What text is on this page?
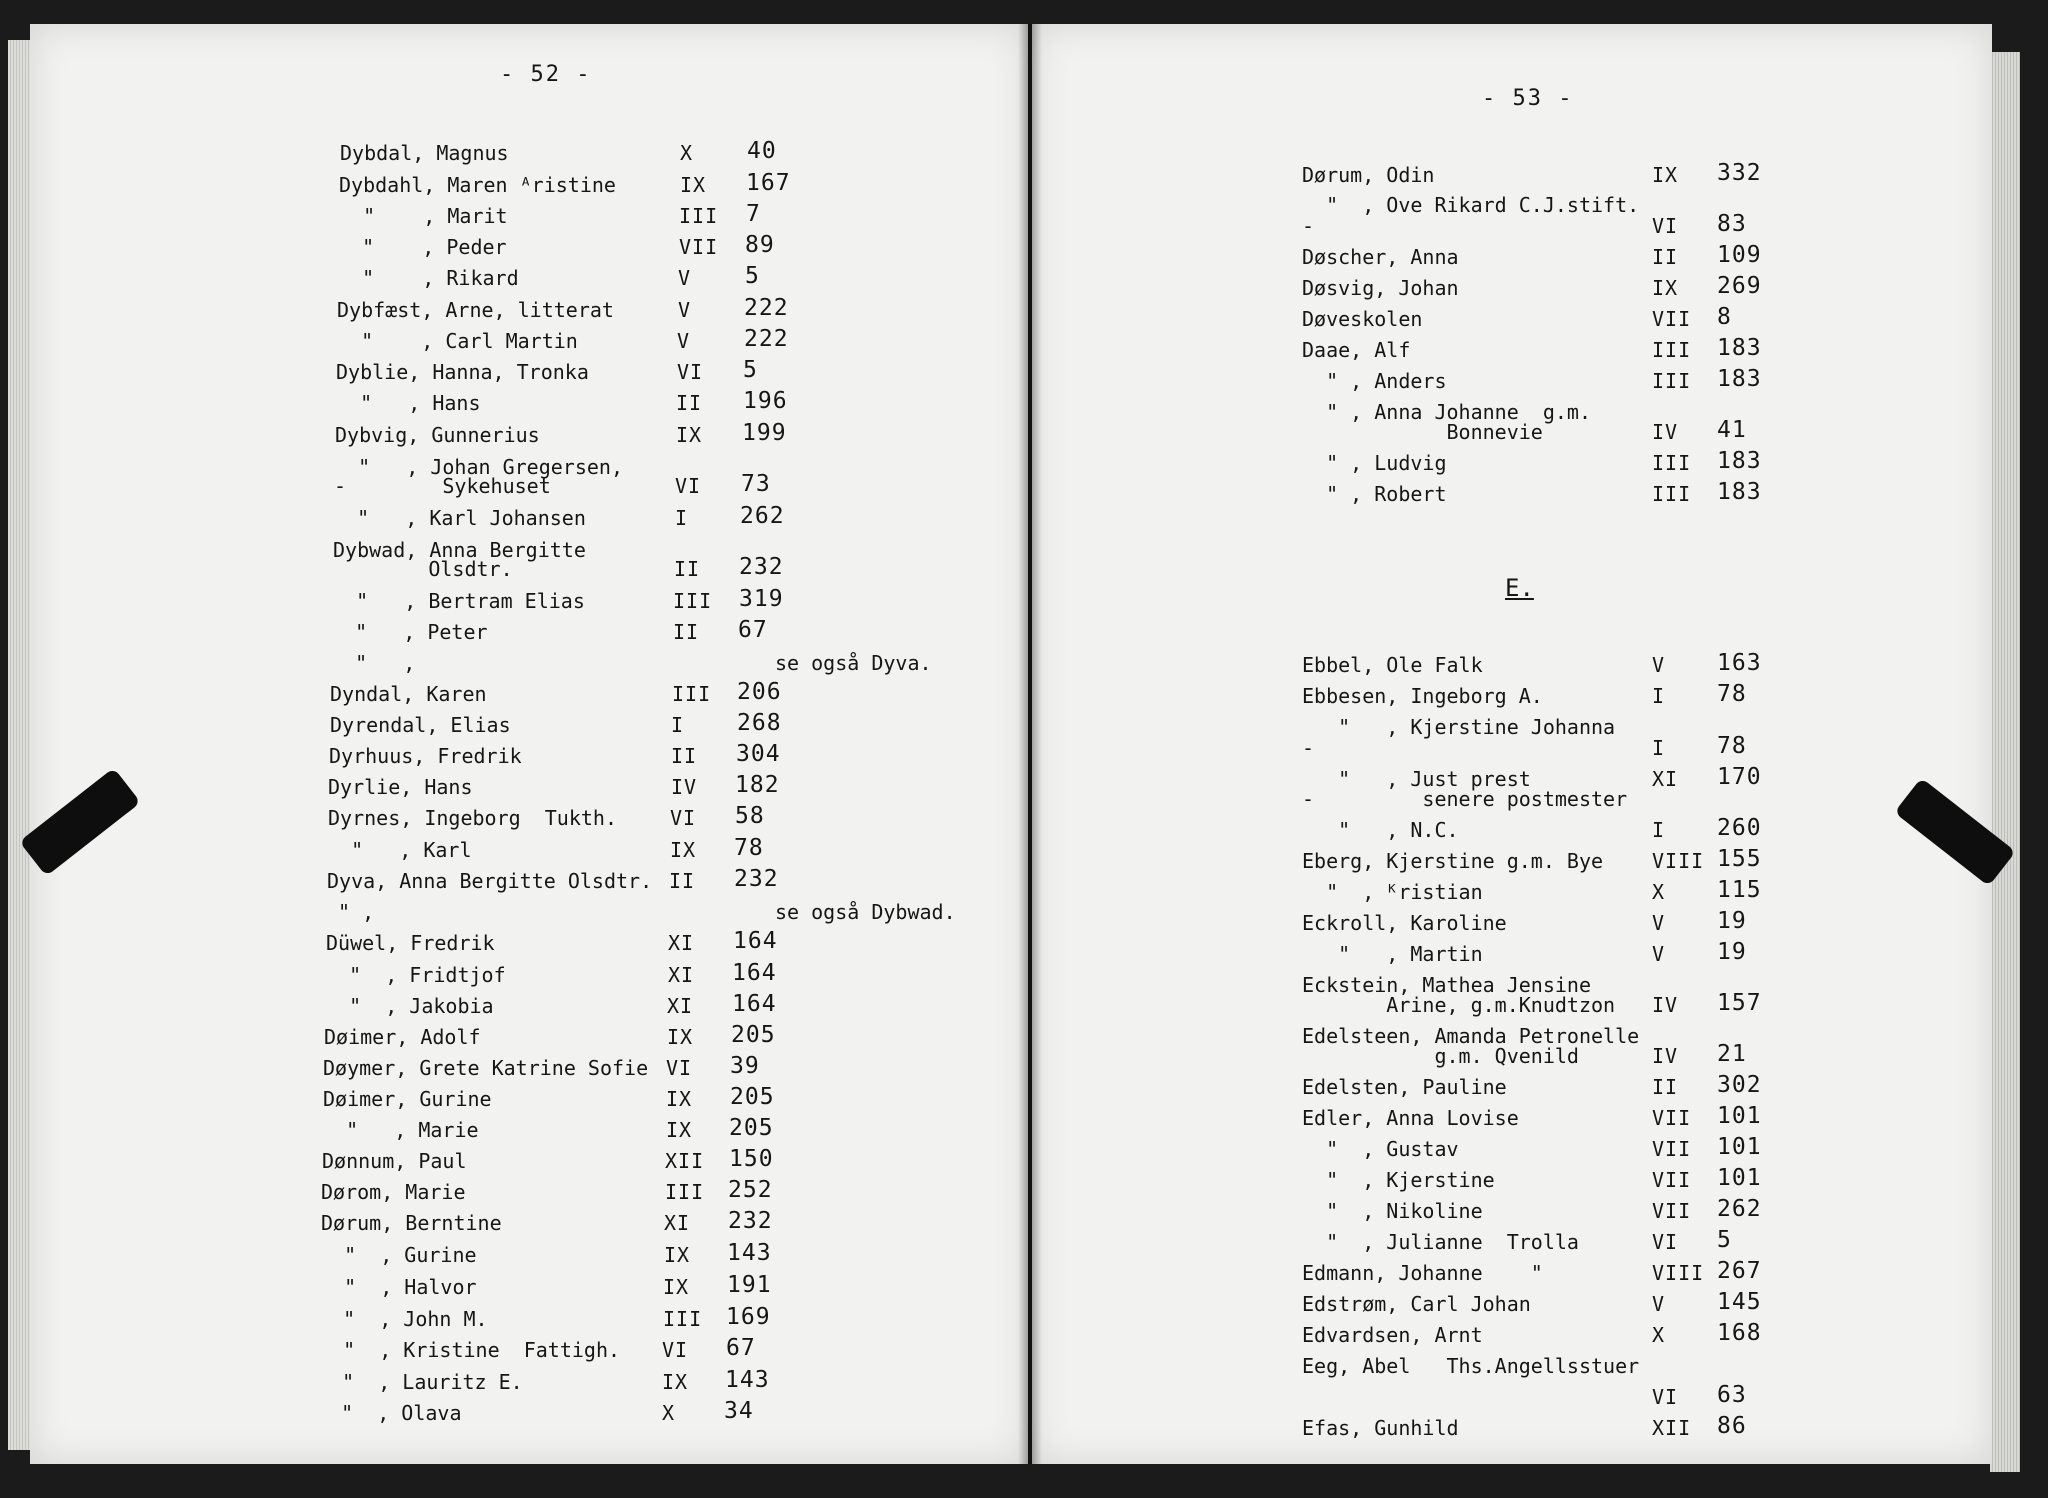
- 52 -
Dybdal, Magnus	X 40
Dybdahl, Maren ᴬristine	IX 167
"    , Marit	III 7
"    , Peder	VII 89
"    , Rikard	V 5
Dybfæst, Arne, litterat	V 222
"    , Carl Martin	V 222
Dyblie, Hanna, Tronka	VI 5
"   , Hans	II 196
Dybvig, Gunnerius	IX 199
"   , Johan Gregersen,
-        Sykehuset	VI 73
"   , Karl Johansen	I 262
Dybwad, Anna Bergitte
Olsdtr.	II 232
"   , Bertram Elias	III 319
"   , Peter	II 67
"   ,	se også Dyva.
Dyndal, Karen	III 206
Dyrendal, Elias	I 268
Dyrhuus, Fredrik	II 304
Dyrlie, Hans	IV 182
Dyrnes, Ingeborg  Tukth.	VI 58
"   , Karl	IX 78
Dyva, Anna Bergitte Olsdtr. II 232
" ,	se også Dybwad.
Düwel, Fredrik	XI 164
"  , Fridtjof	XI 164
"  , Jakobia	XI 164
Døimer, Adolf	IX 205
Døymer, Grete Katrine Sofie VI 39
Døimer, Gurine	IX 205
"   , Marie	IX 205
Dønnum, Paul	XII 150
Dørom, Marie	III 252
Dørum, Berntine	XI 232
"  , Gurine	IX 143
"  , Halvor	IX 191
"  , John M.	III 169
"  , Kristine  Fattigh. VI 67
"  , Lauritz E.	IX 143
"  , Olava	X 34
- 53 -
Dørum, Odin	IX 332
"  , Ove Rikard C.J.stift.
-	VI 83
Døscher, Anna	II 109
Døsvig, Johan	IX 269
Døveskolen	VII 8
Daae, Alf	III 183
" , Anders	III 183
" , Anna Johanne  g.m.
Bonnevie	IV 41
" , Ludvig	III 183
" , Robert	III 183
E.
Ebbel, Ole Falk	V 163
Ebbesen, Ingeborg A.	I 78
"   , Kjerstine Johanna
-	I 78
"   , Just prest	XI 170
-         senere postmester
"   , N.C.	I 260
Eberg, Kjerstine g.m. Bye VIII 155
"  , ᴷristian	X 115
Eckroll, Karoline	V 19
"   , Martin	V 19
Eckstein, Mathea Jensine
Arine, g.m.Knudtzon IV 157
Edelsteen, Amanda Petronelle
g.m. Qvenild	IV 21
Edelsten, Pauline	II 302
Edler, Anna Lovise	VII 101
"  , Gustav	VII 101
"  , Kjerstine	VII 101
"  , Nikoline	VII 262
"  , Julianne  Trolla	VI 5
Edmann, Johanne    "	VIII 267
Edstrøm, Carl Johan	V 145
Edvardsen, Arnt	X 168
Eeg, Abel   Ths.Angellsstuer
VI 63
Efas, Gunhild	XII 86
